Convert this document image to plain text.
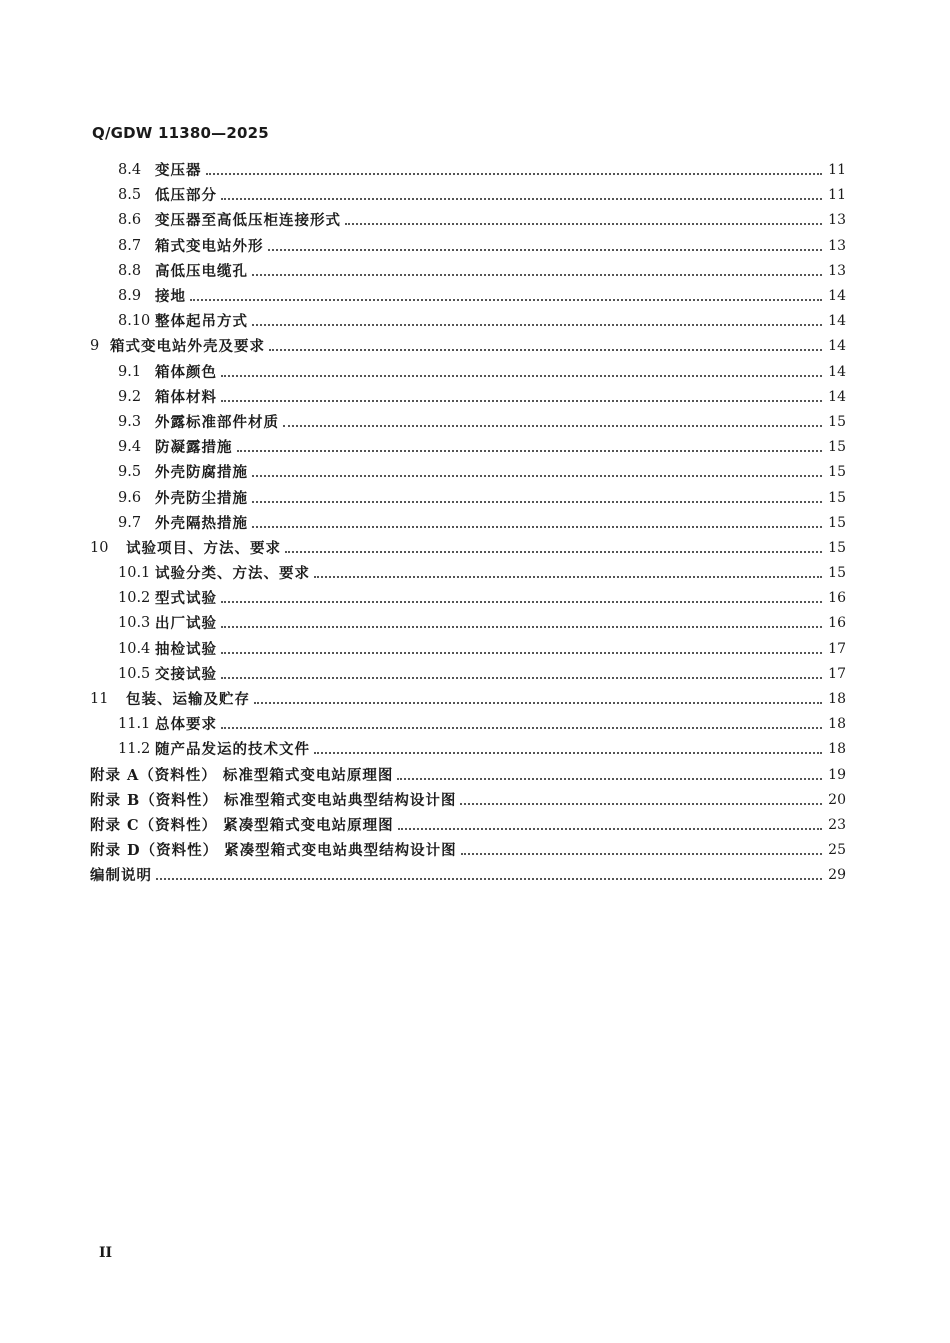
Q/GDW 11380—2025
8.4 变压器	11
8.5 低压部分	11
8.6 变压器至高低压柜连接形式	13
8.7 箱式变电站外形	13
8.8 高低压电缆孔	13
8.9 接地	14
8.10 整体起吊方式	14
9 箱式变电站外壳及要求	14
9.1 箱体颜色	14
9.2 箱体材料	14
9.3 外露标准部件材质	15
9.4 防凝露措施	15
9.5 外壳防腐措施	15
9.6 外壳防尘措施	15
9.7 外壳隔热措施	15
10	试验项目、方法、要求	15
10.1 试验分类、方法、要求	15
10.2 型式试验	16
10.3 出厂试验	16
10.4 抽检试验	17
10.5 交接试验	17
11	包装、运输及贮存	18
11.1 总体要求	18
11.2 随产品发运的技术文件	18
附录 A（资料性） 标准型箱式变电站原理图	19
附录 B（资料性） 标准型箱式变电站典型结构设计图	20
附录 C（资料性） 紧凑型箱式变电站原理图	23
附录 D（资料性） 紧凑型箱式变电站典型结构设计图	25
编制说明	29
II
